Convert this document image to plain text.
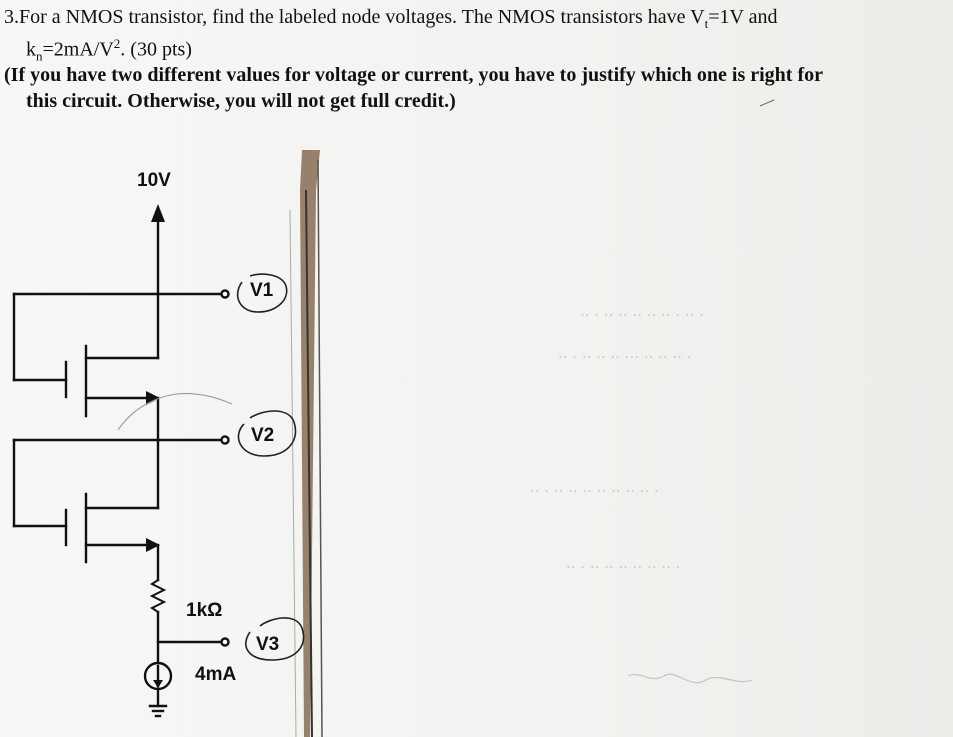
3.For a NMOS transistor, find the labeled node voltages. The NMOS transistors have $V_t=1V$ and
$k_n=2mA/V^2$. (30 pts)
(If you have two different values for voltage or current, you have to justify which one is right for
this circuit. Otherwise, you will not get full credit.)
·· · ·· ·· ·· ·· ·· · ·· ·
·· · ·· ·· ·· ··· ·· ·· ·· ·
·· · ·· ·· ·· ·· ·· ·· ·· ·
·· · ·· ·· ·· ·· ·· ·· ·
10V
V1
V2
V3
1kΩ
4mA
